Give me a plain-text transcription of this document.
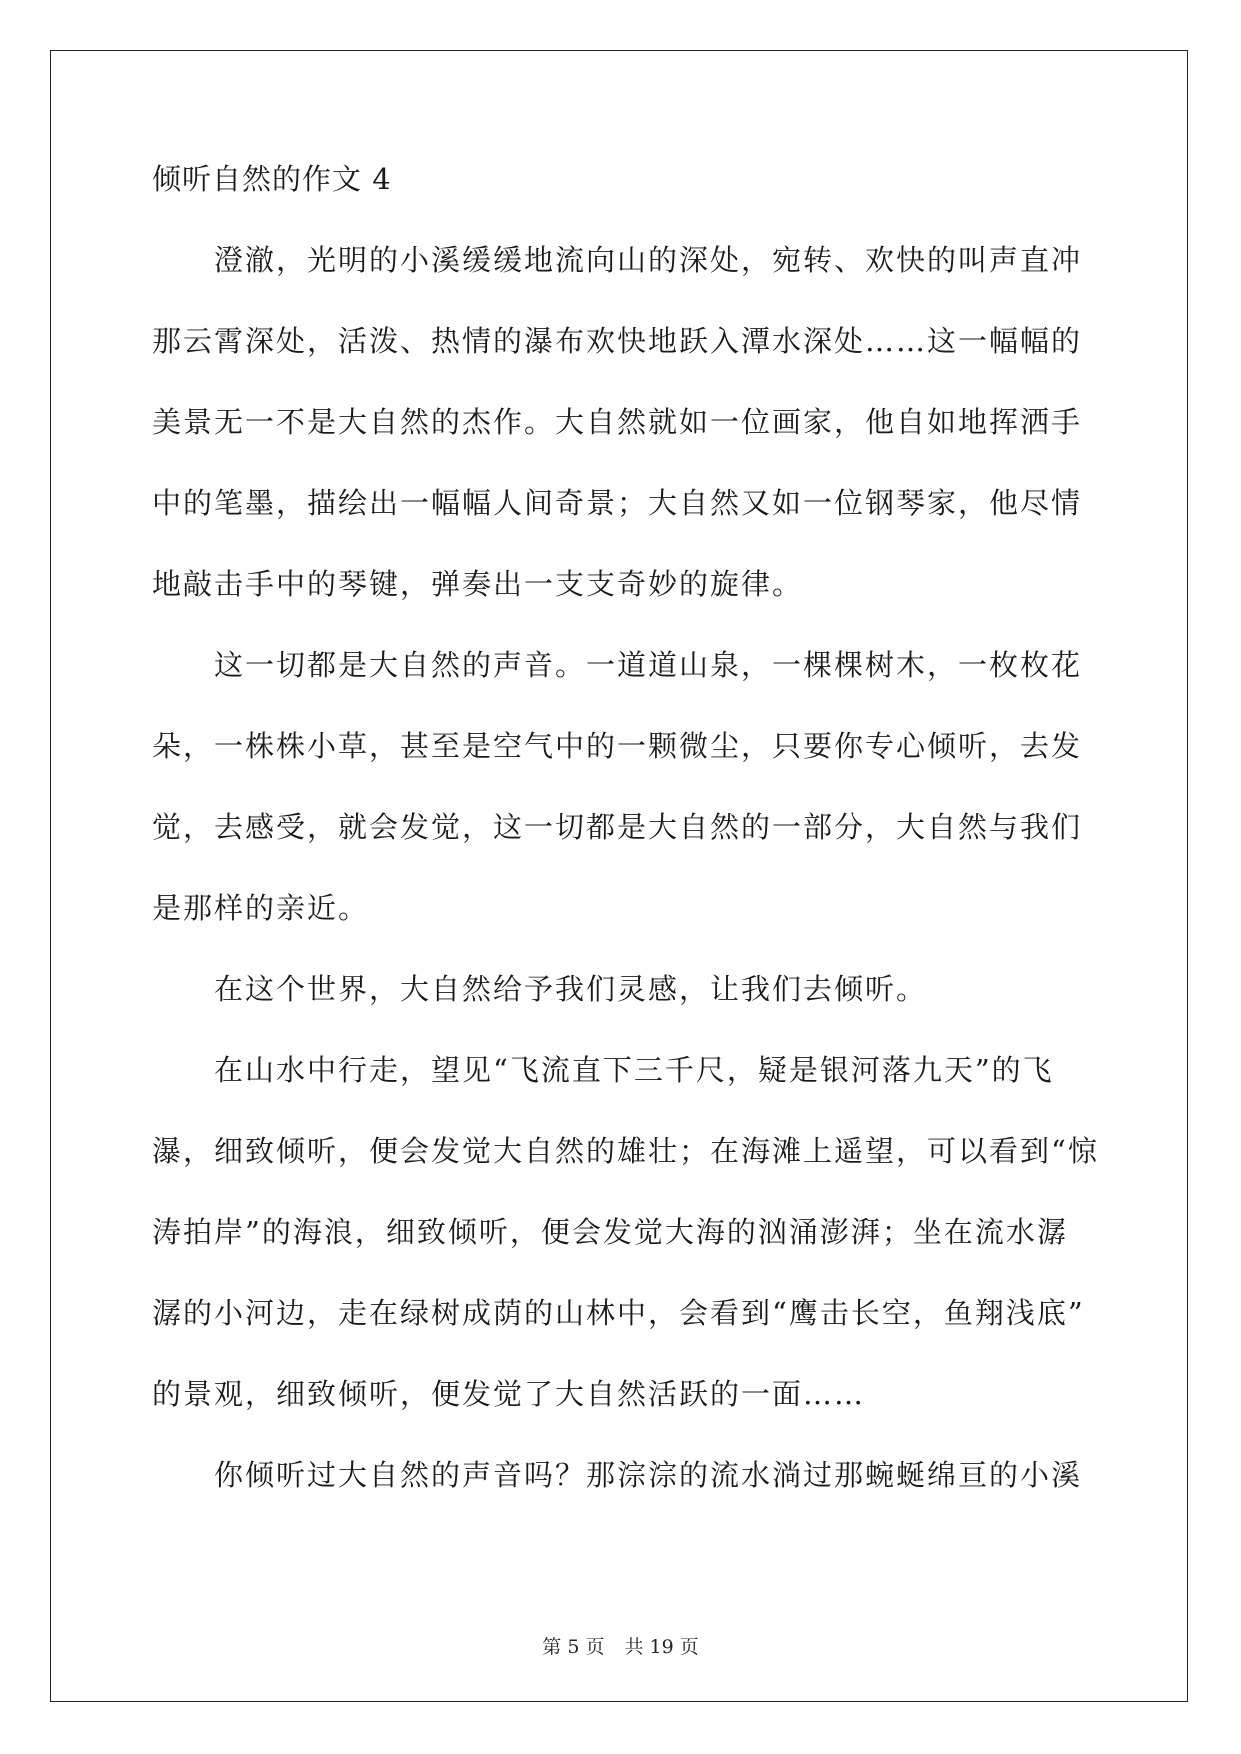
倾听自然的作文 4
澄澈，光明的小溪缓缓地流向山的深处，宛转、欢快的叫声直冲
那云霄深处，活泼、热情的瀑布欢快地跃入潭水深处……这一幅幅的
美景无一不是大自然的杰作。大自然就如一位画家，他自如地挥洒手
中的笔墨，描绘出一幅幅人间奇景；大自然又如一位钢琴家，他尽情
地敲击手中的琴键，弹奏出一支支奇妙的旋律。
这一切都是大自然的声音。一道道山泉，一棵棵树木，一枚枚花
朵，一株株小草，甚至是空气中的一颗微尘，只要你专心倾听，去发
觉，去感受，就会发觉，这一切都是大自然的一部分，大自然与我们
是那样的亲近。
在这个世界，大自然给予我们灵感，让我们去倾听。
在山水中行走，望见“飞流直下三千尺，疑是银河落九天”的飞
瀑，细致倾听，便会发觉大自然的雄壮；在海滩上遥望，可以看到“惊
涛拍岸”的海浪，细致倾听，便会发觉大海的汹涌澎湃；坐在流水潺
潺的小河边，走在绿树成荫的山林中，会看到“鹰击长空，鱼翔浅底”
的景观，细致倾听，便发觉了大自然活跃的一面……
你倾听过大自然的声音吗？那淙淙的流水淌过那蜿蜒绵亘的小溪
第 5 页 共 19 页
